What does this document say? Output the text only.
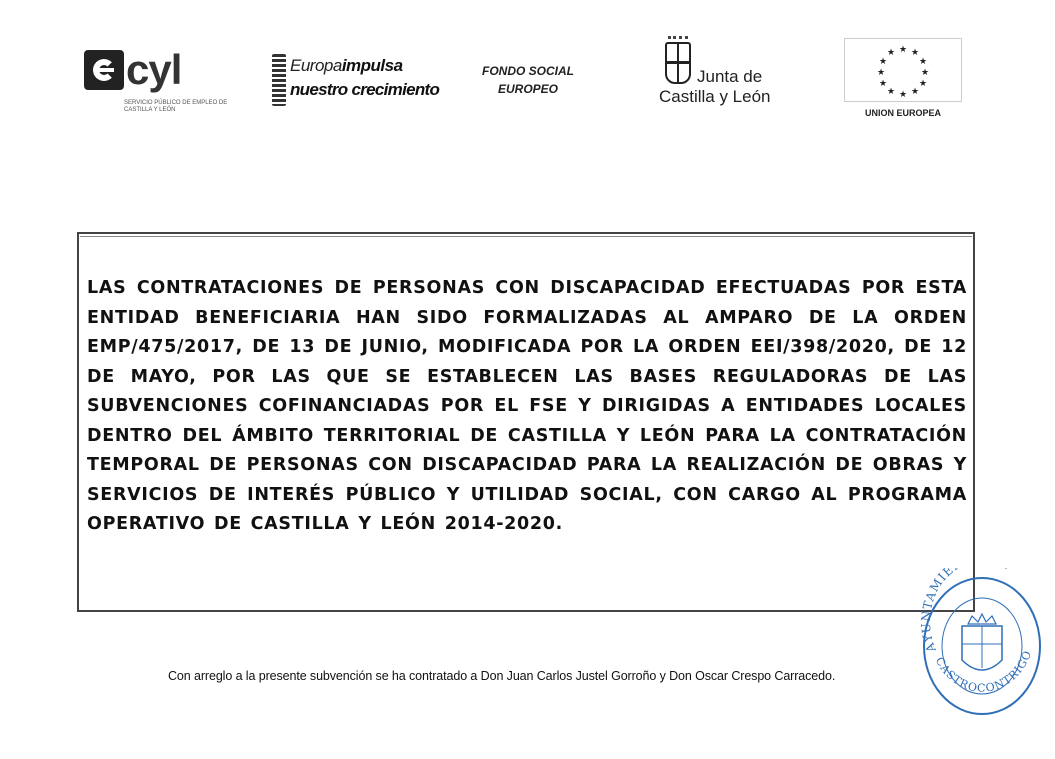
cyl
SERVICIO PÚBLICO DE EMPLEO DE CASTILLA Y LEÓN
Europaimpulsa
nuestro crecimiento
FONDO SOCIAL
EUROPEO
Junta de
Castilla y León
★ ★
★
★
★
★
★
★
★
★
★
★
UNION EUROPEA
LAS CONTRATACIONES DE PERSONAS CON DISCAPACIDAD EFECTUADAS POR ESTA
ENTIDAD BENEFICIARIA HAN SIDO FORMALIZADAS AL AMPARO DE LA ORDEN
EMP/475/2017, DE 13 DE JUNIO, MODIFICADA POR LA ORDEN EEI/398/2020, DE 12
DE MAYO, POR LAS QUE SE ESTABLECEN LAS BASES REGULADORAS DE LAS
SUBVENCIONES COFINANCIADAS POR EL FSE Y DIRIGIDAS A ENTIDADES LOCALES
DENTRO DEL ÁMBITO TERRITORIAL DE CASTILLA Y LEÓN PARA LA CONTRATACIÓN
TEMPORAL DE PERSONAS CON DISCAPACIDAD PARA LA REALIZACIÓN DE OBRAS Y
SERVICIOS DE INTERÉS PÚBLICO Y UTILIDAD SOCIAL, CON CARGO AL PROGRAMA
OPERATIVO DE CASTILLA Y LEÓN 2014-2020.
Con arreglo a la presente subvención se ha contratado a Don Juan Carlos Justel Gorroño y Don Oscar Crespo Carracedo.
AYUNTAMIE
CASTROCONTRIGO
